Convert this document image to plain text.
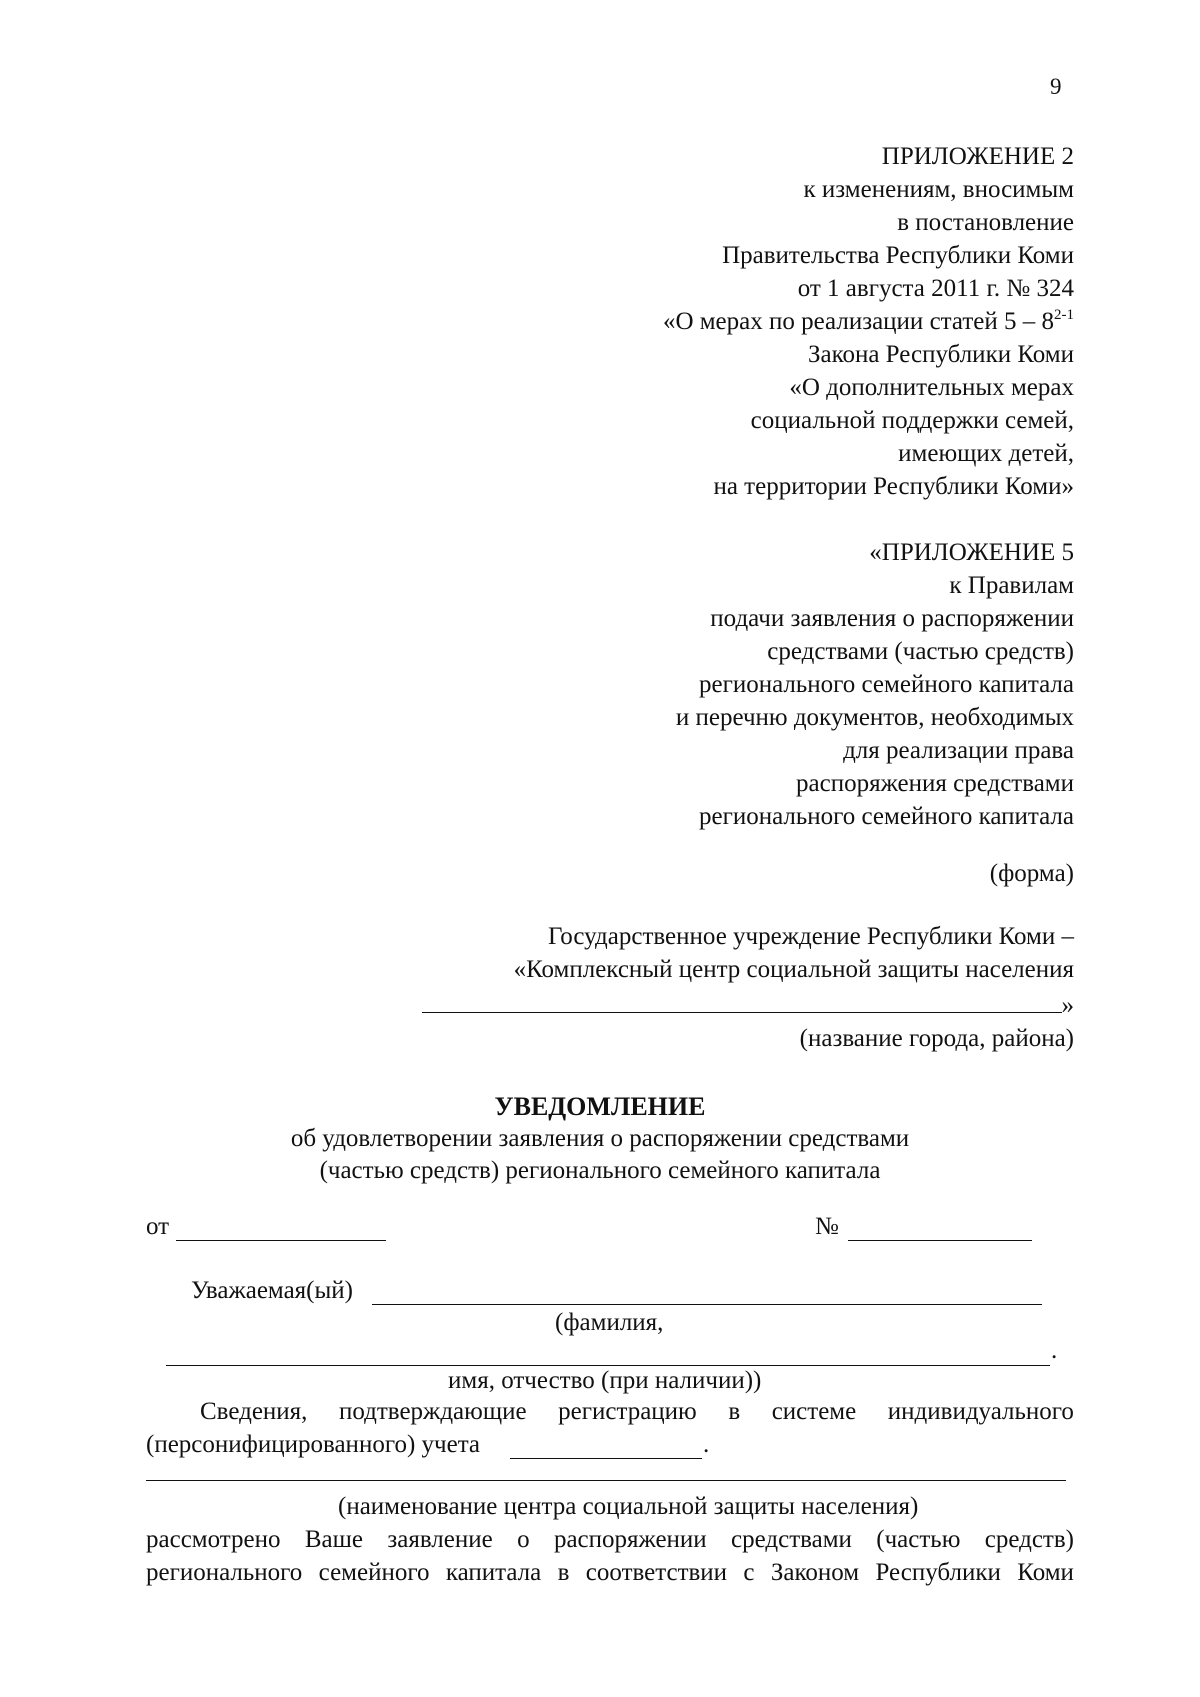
9
ПРИЛОЖЕНИЕ 2
к изменениям, вносимым
в постановление
Правительства Республики Коми
от 1 августа 2011 г. № 324
«О мерах по реализации статей 5 – 8$^{2-1}$
Закона Республики Коми
«О дополнительных мерах
социальной поддержки семей,
имеющих детей,
на территории Республики Коми»
«ПРИЛОЖЕНИЕ 5
к Правилам
подачи заявления о распоряжении
средствами (частью средств)
регионального семейного капитала
и перечню документов, необходимых
для реализации права
распоряжения средствами
регионального семейного капитала
(форма)
Государственное учреждение Республики Коми –
«Комплексный центр социальной защиты населения
»
(название города, района)
УВЕДОМЛЕНИЕ
об удовлетворении заявления о распоряжении средствами
(частью средств) регионального семейного капитала
от	№
Уважаемая(ый)
(фамилия,
.
имя, отчество (при наличии))
Сведения, подтверждающие регистрацию в системе индивидуального
(персонифицированного) учета	.
(наименование центра социальной защиты населения)
рассмотрено Ваше заявление о распоряжении средствами (частью средств)
регионального семейного капитала в соответствии с Законом Республики Коми
